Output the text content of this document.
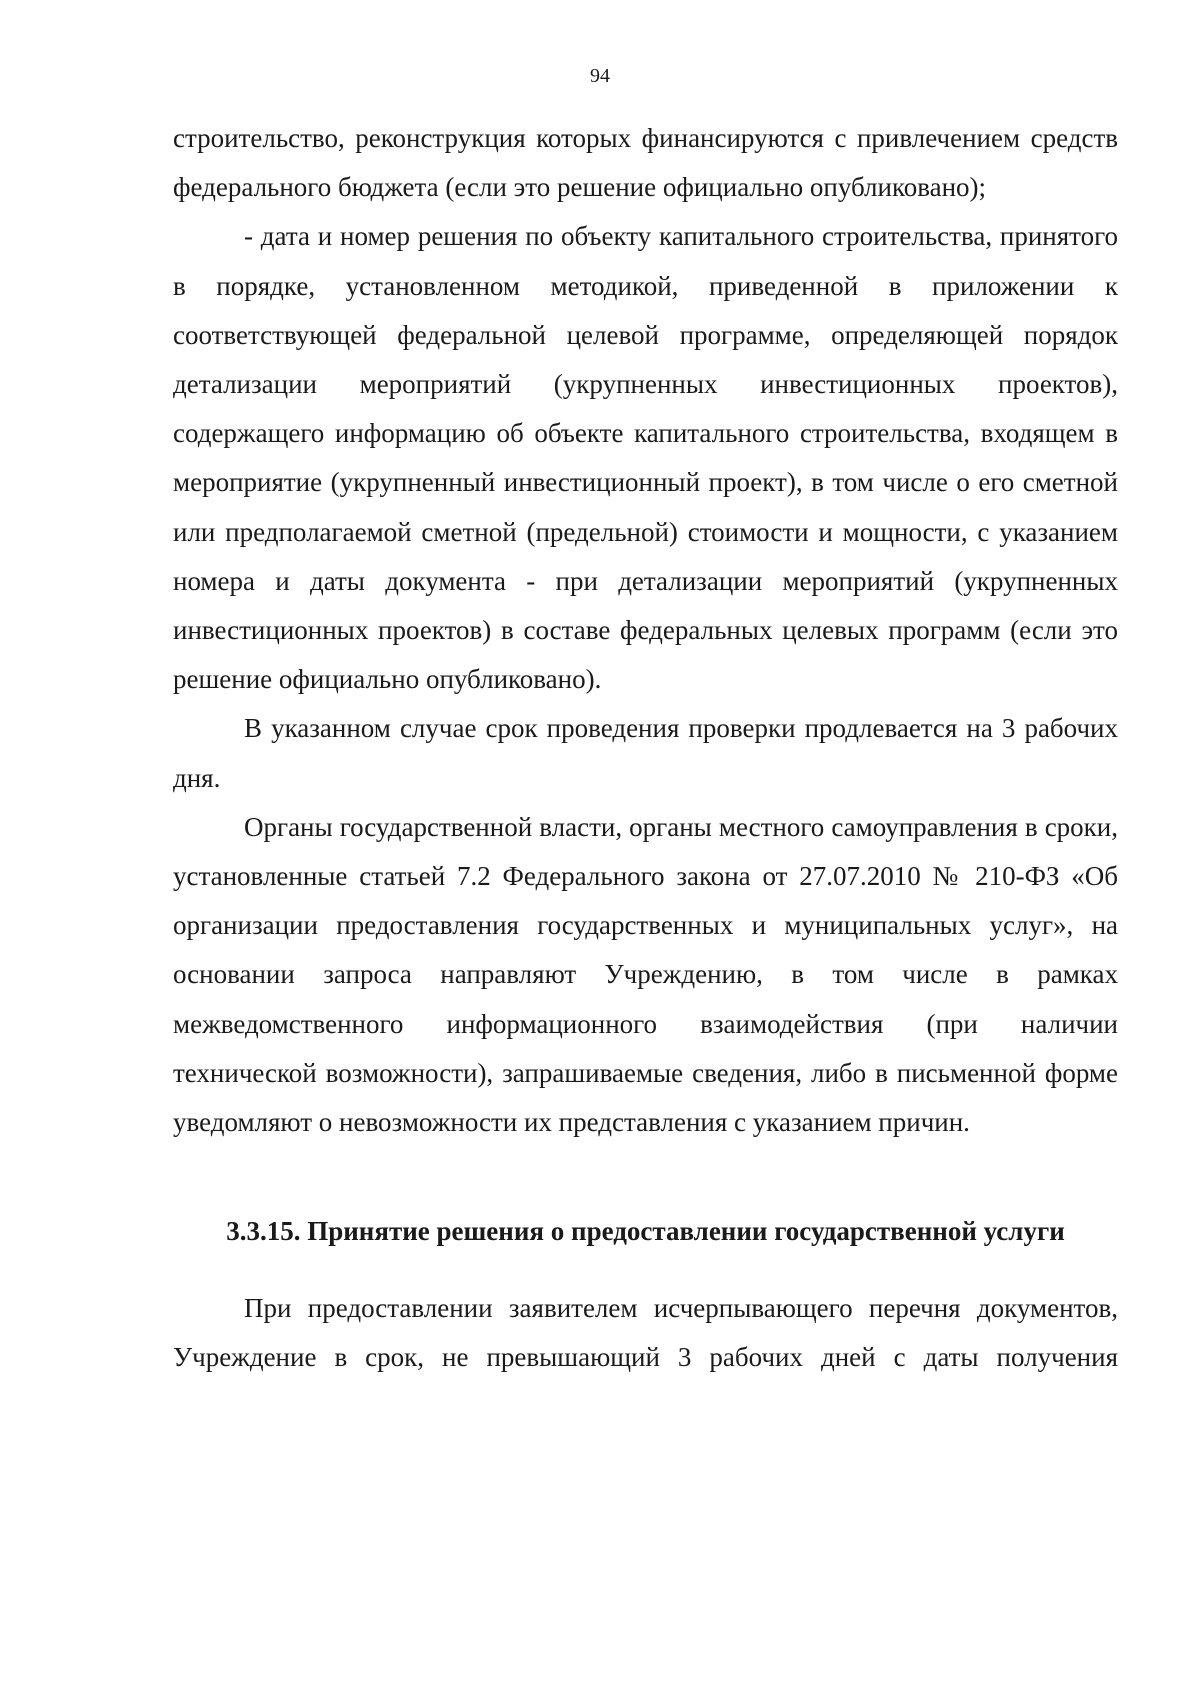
94

строительство, реконструкция которых финансируются с привлечением средств федерального бюджета (если это решение официально опубликовано);

- дата и номер решения по объекту капитального строительства, принятого в порядке, установленном методикой, приведенной в приложении к соответствующей федеральной целевой программе, определяющей порядок детализации мероприятий (укрупненных инвестиционных проектов), содержащего информацию об объекте капитального строительства, входящем в мероприятие (укрупненный инвестиционный проект), в том числе о его сметной или предполагаемой сметной (предельной) стоимости и мощности, с указанием номера и даты документа - при детализации мероприятий (укрупненных инвестиционных проектов) в составе федеральных целевых программ (если это решение официально опубликовано).

В указанном случае срок проведения проверки продлевается на 3 рабочих дня.

Органы государственной власти, органы местного самоуправления в сроки, установленные статьей 7.2 Федерального закона от 27.07.2010 № 210-ФЗ «Об организации предоставления государственных и муниципальных услуг», на основании запроса направляют Учреждению, в том числе в рамках межведомственного информационного взаимодействия (при наличии технической возможности), запрашиваемые сведения, либо в письменной форме уведомляют о невозможности их представления с указанием причин.

3.3.15. Принятие решения о предоставлении государственной услуги

При предоставлении заявителем исчерпывающего перечня документов, Учреждение в срок, не превышающий 3 рабочих дней с даты получения
